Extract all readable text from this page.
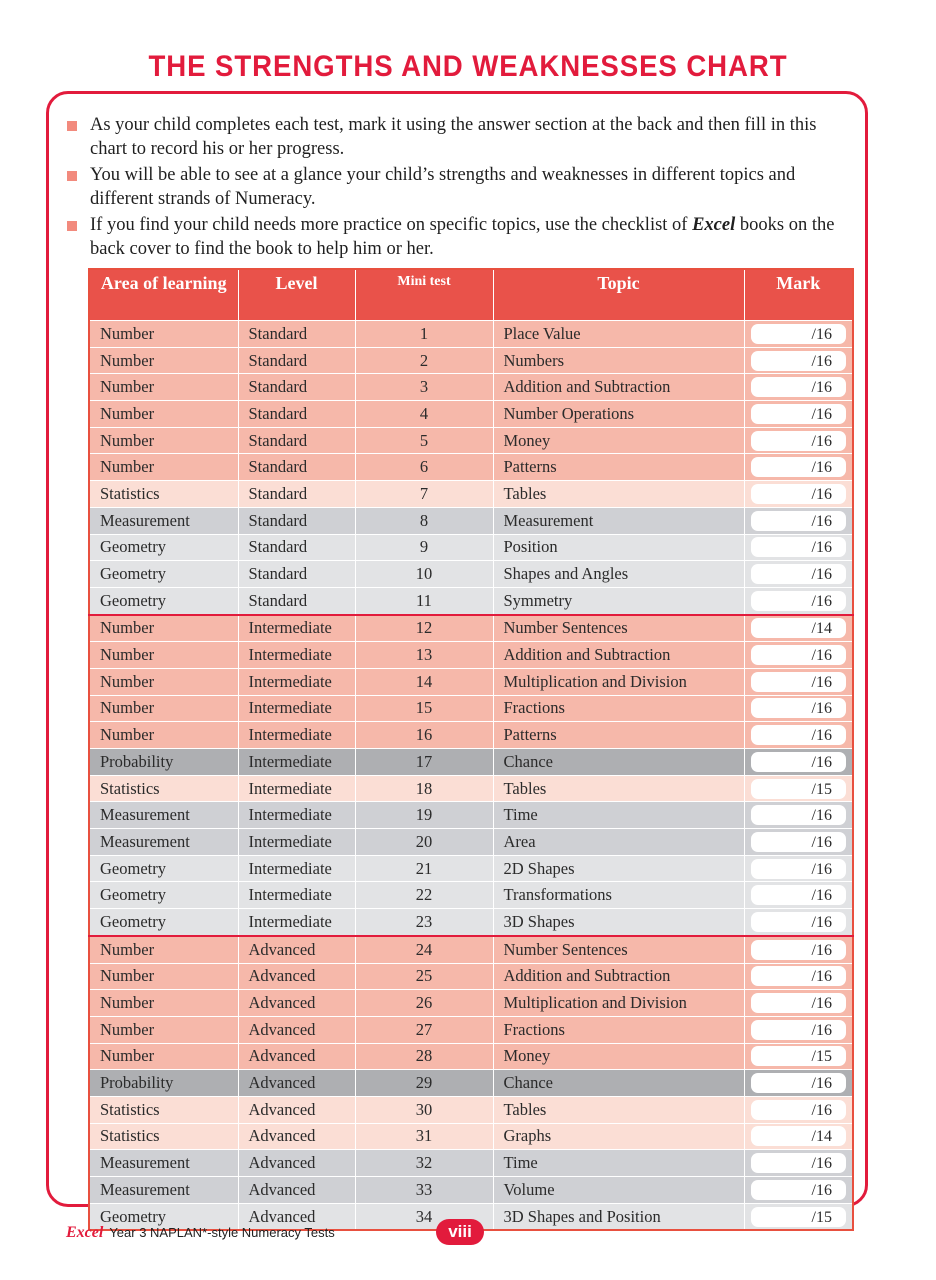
THE STRENGTHS AND WEAKNESSES CHART
As your child completes each test, mark it using the answer section at the back and then fill in this chart to record his or her progress.
You will be able to see at a glance your child’s strengths and weaknesses in different topics and different strands of Numeracy.
If you find your child needs more practice on specific topics, use the checklist of Excel books on the back cover to find the book to help him or her.
Area of learning	Level	Mini test	Topic	Mark
Number	Standard	1	Place Value	/16

Number	Standard	2	Numbers	/16

Number	Standard	3	Addition and Subtraction	/16

Number	Standard	4	Number Operations	/16

Number	Standard	5	Money	/16

Number	Standard	6	Patterns	/16

Statistics	Standard	7	Tables	/16

Measurement	Standard	8	Measurement	/16

Geometry	Standard	9	Position	/16

Geometry	Standard	10	Shapes and Angles	/16

Geometry	Standard	11	Symmetry	/16

Number	Intermediate	12	Number Sentences	/14

Number	Intermediate	13	Addition and Subtraction	/16

Number	Intermediate	14	Multiplication and Division	/16

Number	Intermediate	15	Fractions	/16

Number	Intermediate	16	Patterns	/16

Probability	Intermediate	17	Chance	/16

Statistics	Intermediate	18	Tables	/15

Measurement	Intermediate	19	Time	/16

Measurement	Intermediate	20	Area	/16

Geometry	Intermediate	21	2D Shapes	/16

Geometry	Intermediate	22	Transformations	/16

Geometry	Intermediate	23	3D Shapes	/16

Number	Advanced	24	Number Sentences	/16

Number	Advanced	25	Addition and Subtraction	/16

Number	Advanced	26	Multiplication and Division	/16

Number	Advanced	27	Fractions	/16

Number	Advanced	28	Money	/15

Probability	Advanced	29	Chance	/16

Statistics	Advanced	30	Tables	/16

Statistics	Advanced	31	Graphs	/14

Measurement	Advanced	32	Time	/16

Measurement	Advanced	33	Volume	/16

Geometry	Advanced	34	3D Shapes and Position	/15
Excel Year 3 NAPLAN*-style Numeracy Tests	viii
